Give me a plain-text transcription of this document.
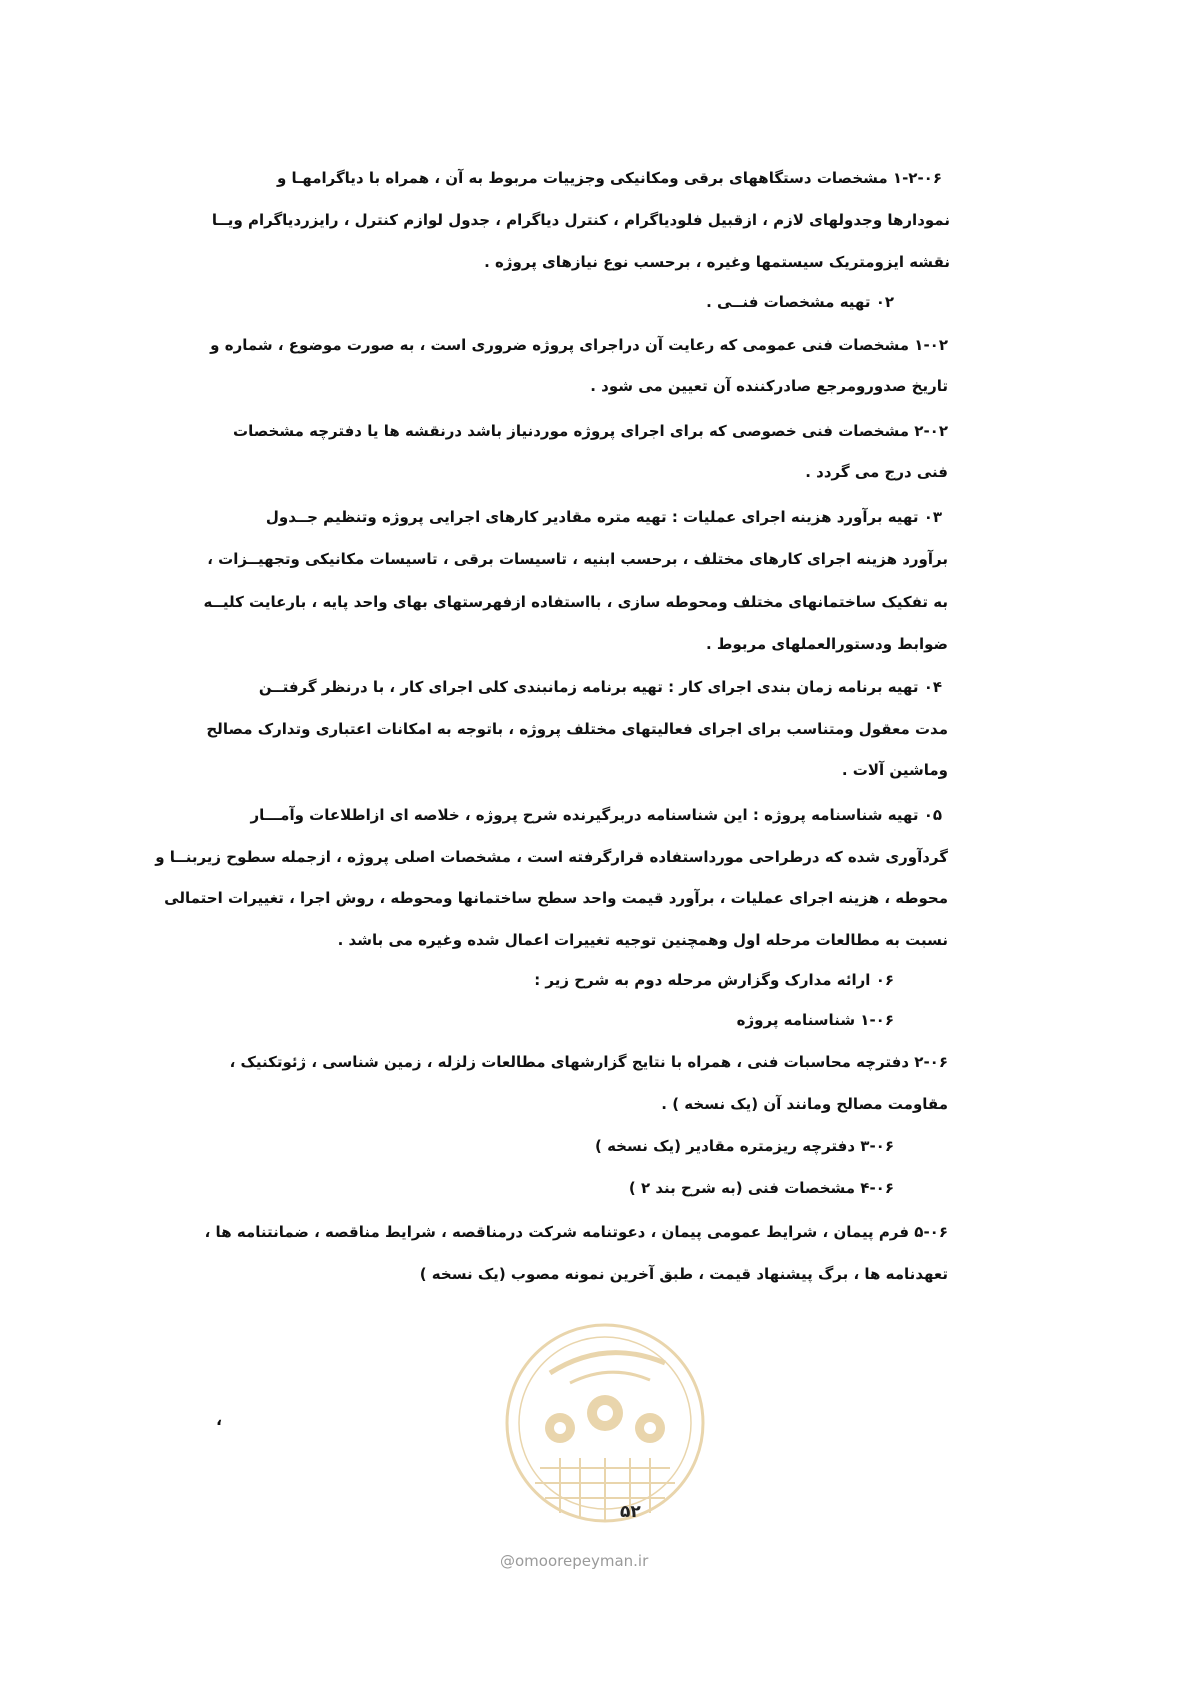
۱-۲-۰۶ مشخصات دستگاههای برقی ومکانیکی وجزییات مربوط به آن ، همراه با دیاگرامهـا و
نمودارها وجدولهای لازم ، ازقبیل فلودیاگرام ، کنترل دیاگرام ، جدول لوازم کنترل ، رایزردیاگرام ویــا
نقشه ایزومتریک سیستمها وغیره ، برحسب نوع نیازهای پروژه .
۰۲ تهیه مشخصات فنــی .
۱-۰۲ مشخصات فنی عمومی که رعایت آن دراجرای پروژه ضروری است ، به صورت موضوع ، شماره و
تاریخ صدورومرجع صادرکننده آن تعیین می شود .
۲-۰۲ مشخصات فنی خصوصی که برای اجرای پروژه موردنیاز باشد درنقشه ها یا دفترچه مشخصات
فنی درج می گردد .
۰۳ تهیه برآورد هزینه اجرای عملیات : تهیه متره مقادیر کارهای اجرایی پروژه وتنظیم جــدول
برآورد هزینه اجرای کارهای مختلف ، برحسب ابنیه ، تاسیسات برقی ، تاسیسات مکانیکی وتجهیــزات ،
به تفکیک ساختمانهای مختلف ومحوطه سازی ، بااستفاده ازفهرستهای بهای واحد پایه ، بارعایت کلیــه
ضوابط ودستورالعملهای مربوط .
۰۴ تهیه برنامه زمان بندی اجرای کار : تهیه برنامه زمانبندی کلی اجرای کار ، با درنظر گرفتــن
مدت معقول ومتناسب برای اجرای فعالیتهای مختلف پروژه ، باتوجه به امکانات اعتباری وتدارک مصالح
وماشین آلات .
۰۵ تهیه شناسنامه پروژه : این شناسنامه دربرگیرنده شرح پروژه ، خلاصه ای ازاطلاعات وآمـــار
گردآوری شده که درطراحی مورداستفاده قرارگرفته است ، مشخصات اصلی پروژه ، ازجمله سطوح زیربنــا و
محوطه ، هزینه اجرای عملیات ، برآورد قیمت واحد سطح ساختمانها ومحوطه ، روش اجرا ، تغییرات احتمالی
نسبت به مطالعات مرحله اول وهمچنین توجیه تغییرات اعمال شده وغیره می باشد .
۰۶ ارائه مدارک وگزارش مرحله دوم به شرح زیر :
۱-۰۶ شناسنامه پروژه
۲-۰۶ دفترچه محاسبات فنی ، همراه با نتایج گزارشهای مطالعات زلزله ، زمین شناسی ، ژئوتکنیک ،
مقاومت مصالح ومانند آن (یک نسخه ) .
۳-۰۶ دفترچه ریزمتره مقادیر (یک نسخه )
۴-۰۶ مشخصات فنی (به شرح بند ۲ )
۵-۰۶ فرم پیمان ، شرایط عمومی پیمان ، دعوتنامه شرکت درمناقصه ، شرایط مناقصه ، ضمانتنامه ها ،
تعهدنامه ها ، برگ پیشنهاد قیمت ، طبق آخرین نمونه مصوب (یک نسخه )
،
۵۲
@omoorepeyman.ir
